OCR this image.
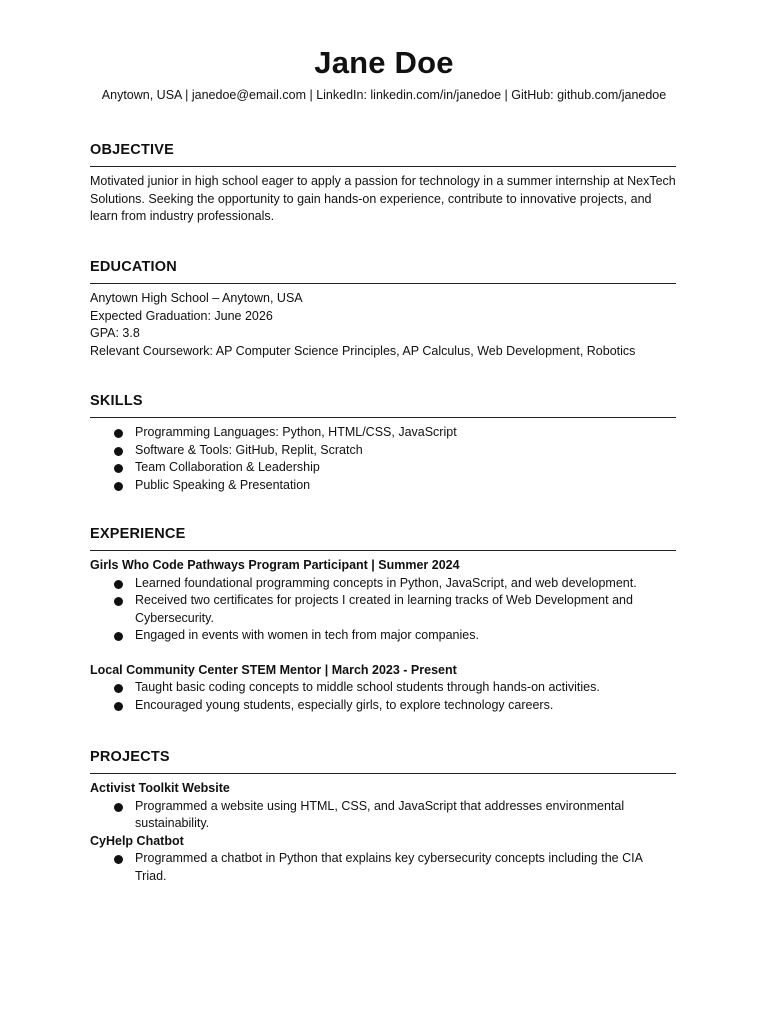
Jane Doe
Anytown, USA | janedoe@email.com | LinkedIn: linkedin.com/in/janedoe | GitHub: github.com/janedoe
OBJECTIVE

Motivated junior in high school eager to apply a passion for technology in a summer internship at NexTech Solutions. Seeking the opportunity to gain hands-on experience, contribute to innovative projects, and learn from industry professionals.

EDUCATION
Anytown High School – Anytown, USA
Expected Graduation: June 2026
GPA: 3.8
Relevant Coursework: AP Computer Science Principles, AP Calculus, Web Development, Robotics
SKILLS
Programming Languages: Python, HTML/CSS, JavaScript
Software & Tools: GitHub, Replit, Scratch
Team Collaboration & Leadership
Public Speaking & Presentation
EXPERIENCE
Girls Who Code Pathways Program Participant | Summer 2024
Learned foundational programming concepts in Python, JavaScript, and web development.
Received two certificates for projects I created in learning tracks of Web Development and Cybersecurity.
Engaged in events with women in tech from major companies.
Local Community Center STEM Mentor | March 2023 - Present
Taught basic coding concepts to middle school students through hands-on activities.
Encouraged young students, especially girls, to explore technology careers.
PROJECTS
Activist Toolkit Website
Programmed a website using HTML, CSS, and JavaScript that addresses environmental sustainability.
CyHelp Chatbot
Programmed a chatbot in Python that explains key cybersecurity concepts including the CIA Triad.
